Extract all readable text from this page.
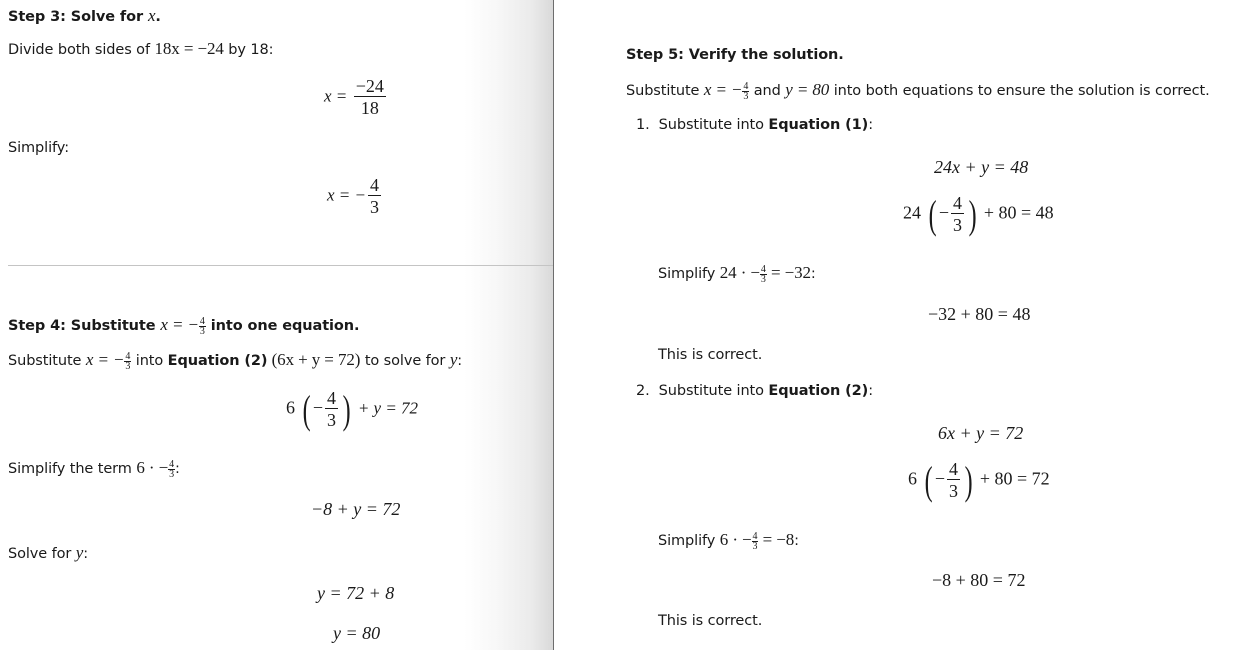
Step 3: Solve for x.
Divide both sides of 18x = −24 by 18:
$x = \frac{-24}{18}$
Simplify:
x = − $\frac{4}{3}$
Step 4: Substitute x = − $\frac{4}{3}$ into one equation.
Substitute x = − $\frac{4}{3}$ into Equation (2) (6x + y = 72) to solve for y:
6 ( − $\frac{4}{3}$ ) + y = 72
Simplify the term 6 · − $\frac{4}{3}$ :
−8 + y = 72
Solve for y:
y = 72 + 8
y = 80
Step 5: Verify the solution.
Substitute x = − $\frac{4}{3}$ and y = 80 into both equations to ensure the solution is correct.
1. Substitute into Equation (1):
24x + y = 48
24 ( − $\frac{4}{3}$ ) + 80 = 48
Simplify 24 · − $\frac{4}{3} = -32$:
−32 + 80 = 48
This is correct.
2. Substitute into Equation (2):
6x + y = 72
6 ( − $\frac{4}{3}$ ) + 80 = 72
Simplify 6 · − $\frac{4}{3} = -8$:
−8 + 80 = 72
This is correct.
